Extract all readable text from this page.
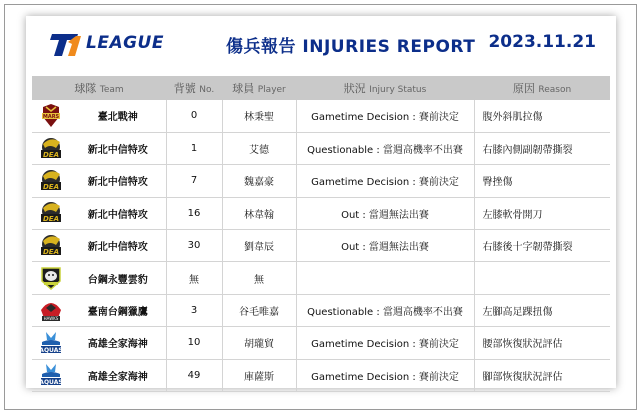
LEAGUE	傷兵報告 INJURIES REPORT 2023.11.21
球隊 Team		背號 No.	球員 Player	狀況 Injury Status	原因 Reason

MARS	臺北戰神	0	林秉聖	Gametime Decision : 賽前決定	腹外斜肌拉傷

DEA	新北中信特攻	1	艾德	Questionable : 當週高機率不出賽	右膝內側副韌帶撕裂

DEA	新北中信特攻	7	魏嘉豪	Gametime Decision : 賽前決定	臀挫傷

DEA	新北中信特攻	16	林韋翰	Out : 當週無法出賽	左膝軟骨開刀

DEA	新北中信特攻	30	劉韋辰	Out : 當週無法出賽	右膝後十字韌帶撕裂

	台鋼永豐雲豹	無	無		

HAWKS	臺南台鋼獵鷹	3	谷毛唯嘉	Questionable : 當週高機率不出賽	左腳高足踝扭傷

AQUAS	高雄全家海神	10	胡瓏貿	Gametime Decision : 賽前決定	腰部恢復狀況評估

AQUAS	高雄全家海神	49	庫薩斯	Gametime Decision : 賽前決定	腳部恢復狀況評估
